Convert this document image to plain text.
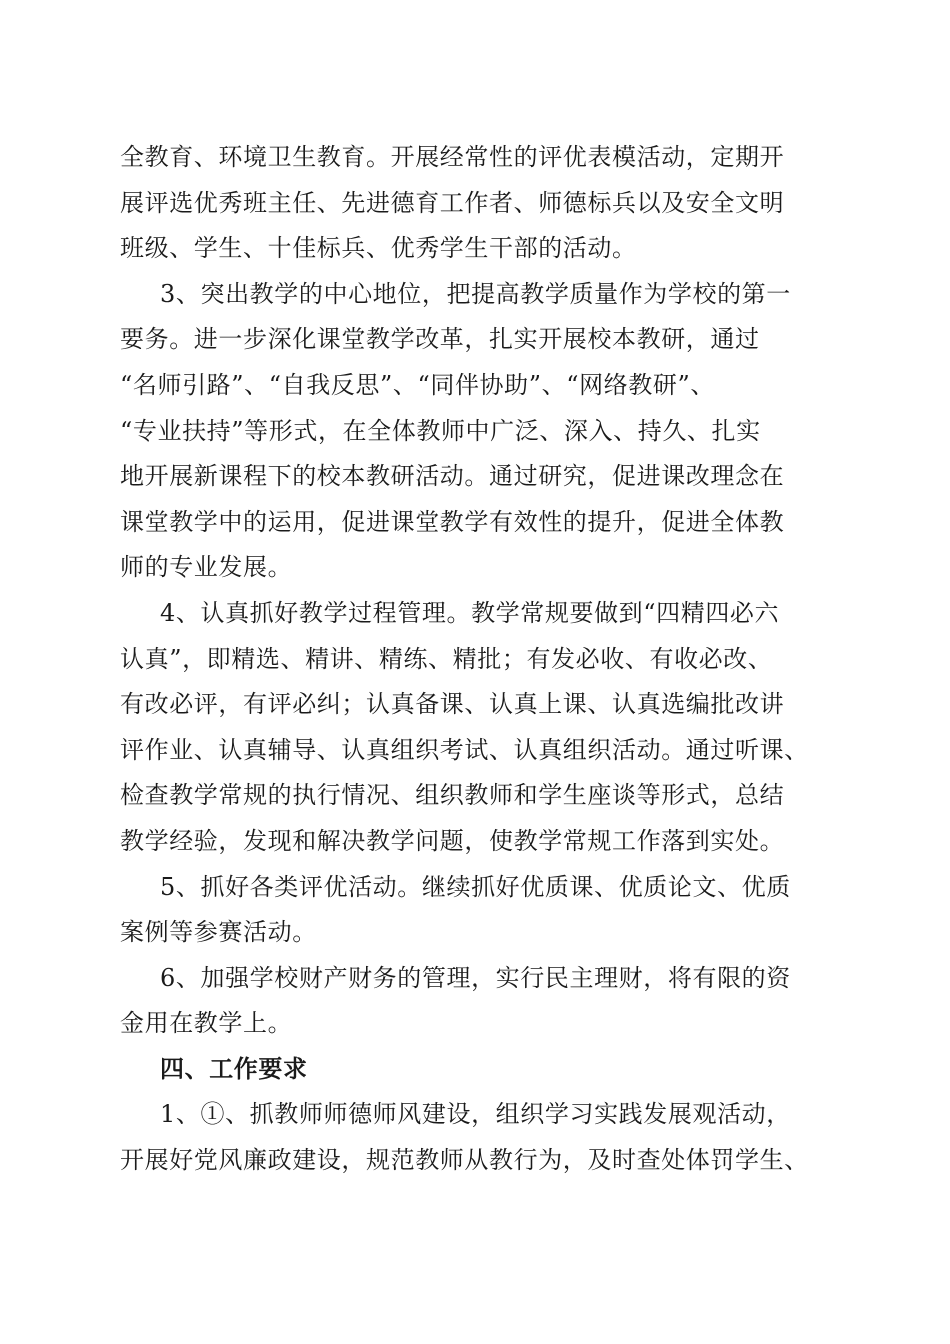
全教育、环境卫生教育。开展经常性的评优表模活动，定期开
展评选优秀班主任、先进德育工作者、师德标兵以及安全文明
班级、学生、十佳标兵、优秀学生干部的活动。
3、突出教学的中心地位，把提高教学质量作为学校的第一
要务。进一步深化课堂教学改革，扎实开展校本教研，通过
“名师引路”、“自我反思”、“同伴协助”、“网络教研”、
“专业扶持”等形式，在全体教师中广泛、深入、持久、扎实
地开展新课程下的校本教研活动。通过研究，促进课改理念在
课堂教学中的运用，促进课堂教学有效性的提升，促进全体教
师的专业发展。
4、认真抓好教学过程管理。教学常规要做到“四精四必六
认真”，即精选、精讲、精练、精批；有发必收、有收必改、
有改必评，有评必纠；认真备课、认真上课、认真选编批改讲
评作业、认真辅导、认真组织考试、认真组织活动。通过听课、
检查教学常规的执行情况、组织教师和学生座谈等形式，总结
教学经验，发现和解决教学问题，使教学常规工作落到实处。
5、抓好各类评优活动。继续抓好优质课、优质论文、优质
案例等参赛活动。
6、加强学校财产财务的管理，实行民主理财，将有限的资
金用在教学上。
四、工作要求
1、①、抓教师师德师风建设，组织学习实践发展观活动，
开展好党风廉政建设，规范教师从教行为，及时查处体罚学生、
